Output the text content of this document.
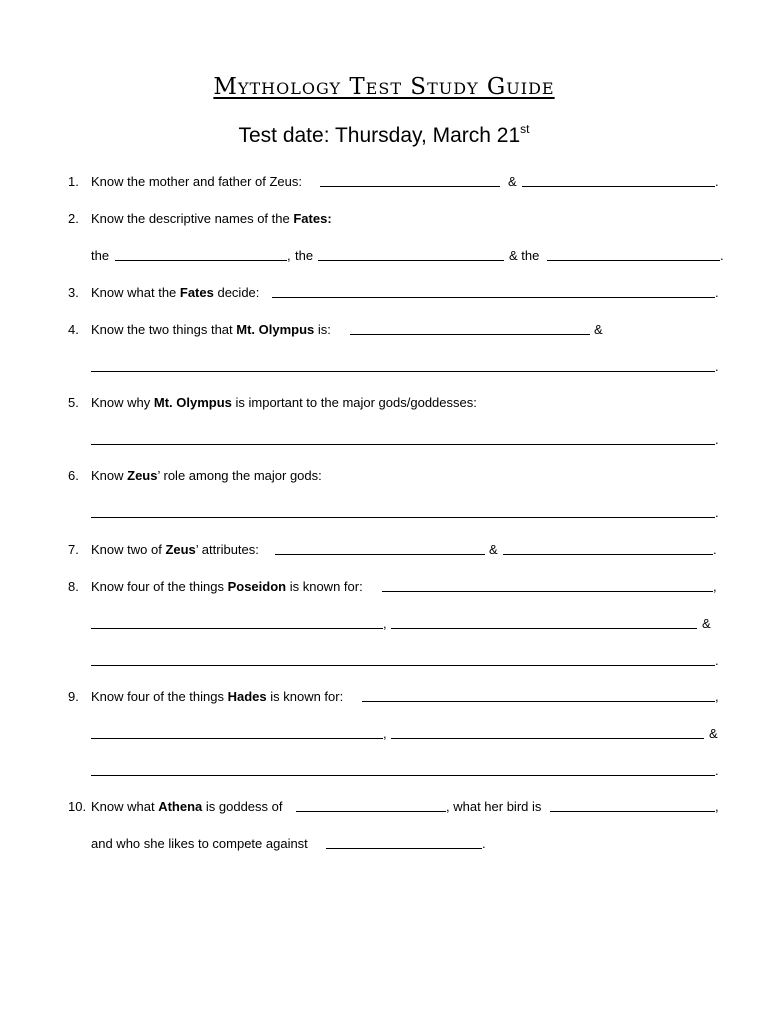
Mythology Test Study Guide
Test date: Thursday, March 21st
1. Know the mother and father of Zeus:	&	.
2. Know the descriptive names of the Fates:
the	, the	& the	.
3. Know what the Fates decide:	.
4. Know the two things that Mt. Olympus is:	&
.
5. Know why Mt. Olympus is important to the major gods/goddesses:
.
6. Know Zeus’ role among the major gods:
.
7. Know two of Zeus’ attributes:	&	.
8. Know four of the things Poseidon is known for:	,
,	&
.
9. Know four of the things Hades is known for:	,
,	&
.
10. Know what Athena is goddess of	, what her bird is	,
and who she likes to compete against	.
